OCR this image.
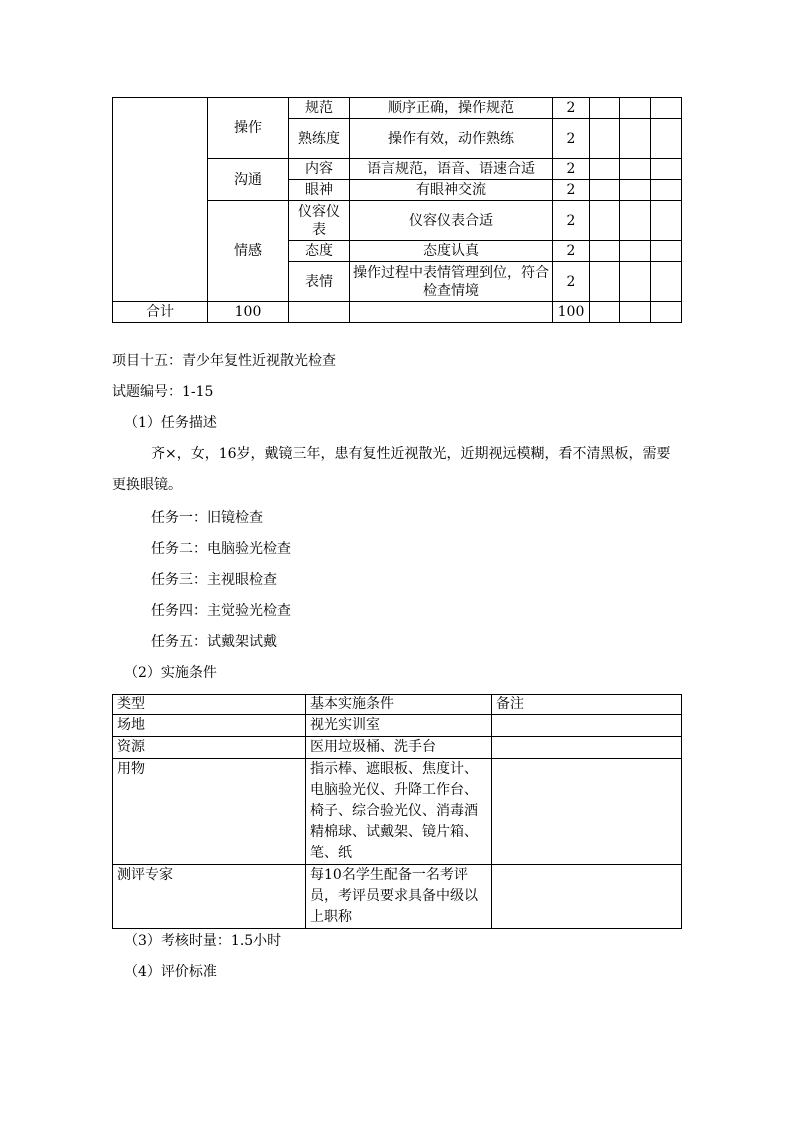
	操作	规范	顺序正确，操作规范	2			
		熟练度	操作有效，动作熟练	2			
	沟通	内容	语言规范，语音、语速合适	2			
		眼神	有眼神交流	2			
	情感	仪容仪表	仪容仪表合适	2			
		态度	态度认真	2			
		表情	操作过程中表情管理到位，符合检查情境	2			
合计	100			100			
项目十五：青少年复性近视散光检查
试题编号：1-15
（1）任务描述
齐×，女，16岁，戴镜三年，患有复性近视散光，近期视远模糊，看不清黑板，需要更换眼镜。
任务一：旧镜检查
任务二：电脑验光检查
任务三：主视眼检查
任务四：主觉验光检查
任务五：试戴架试戴
（2）实施条件
类型	基本实施条件	备注
场地	视光实训室	
资源	医用垃圾桶、洗手台	
用物	指示棒、遮眼板、焦度计、电脑验光仪、升降工作台、椅子、综合验光仪、消毒酒精棉球、试戴架、镜片箱、笔、纸	
测评专家	每10名学生配备一名考评员，考评员要求具备中级以上职称	
（3）考核时量：1.5小时
（4）评价标准
